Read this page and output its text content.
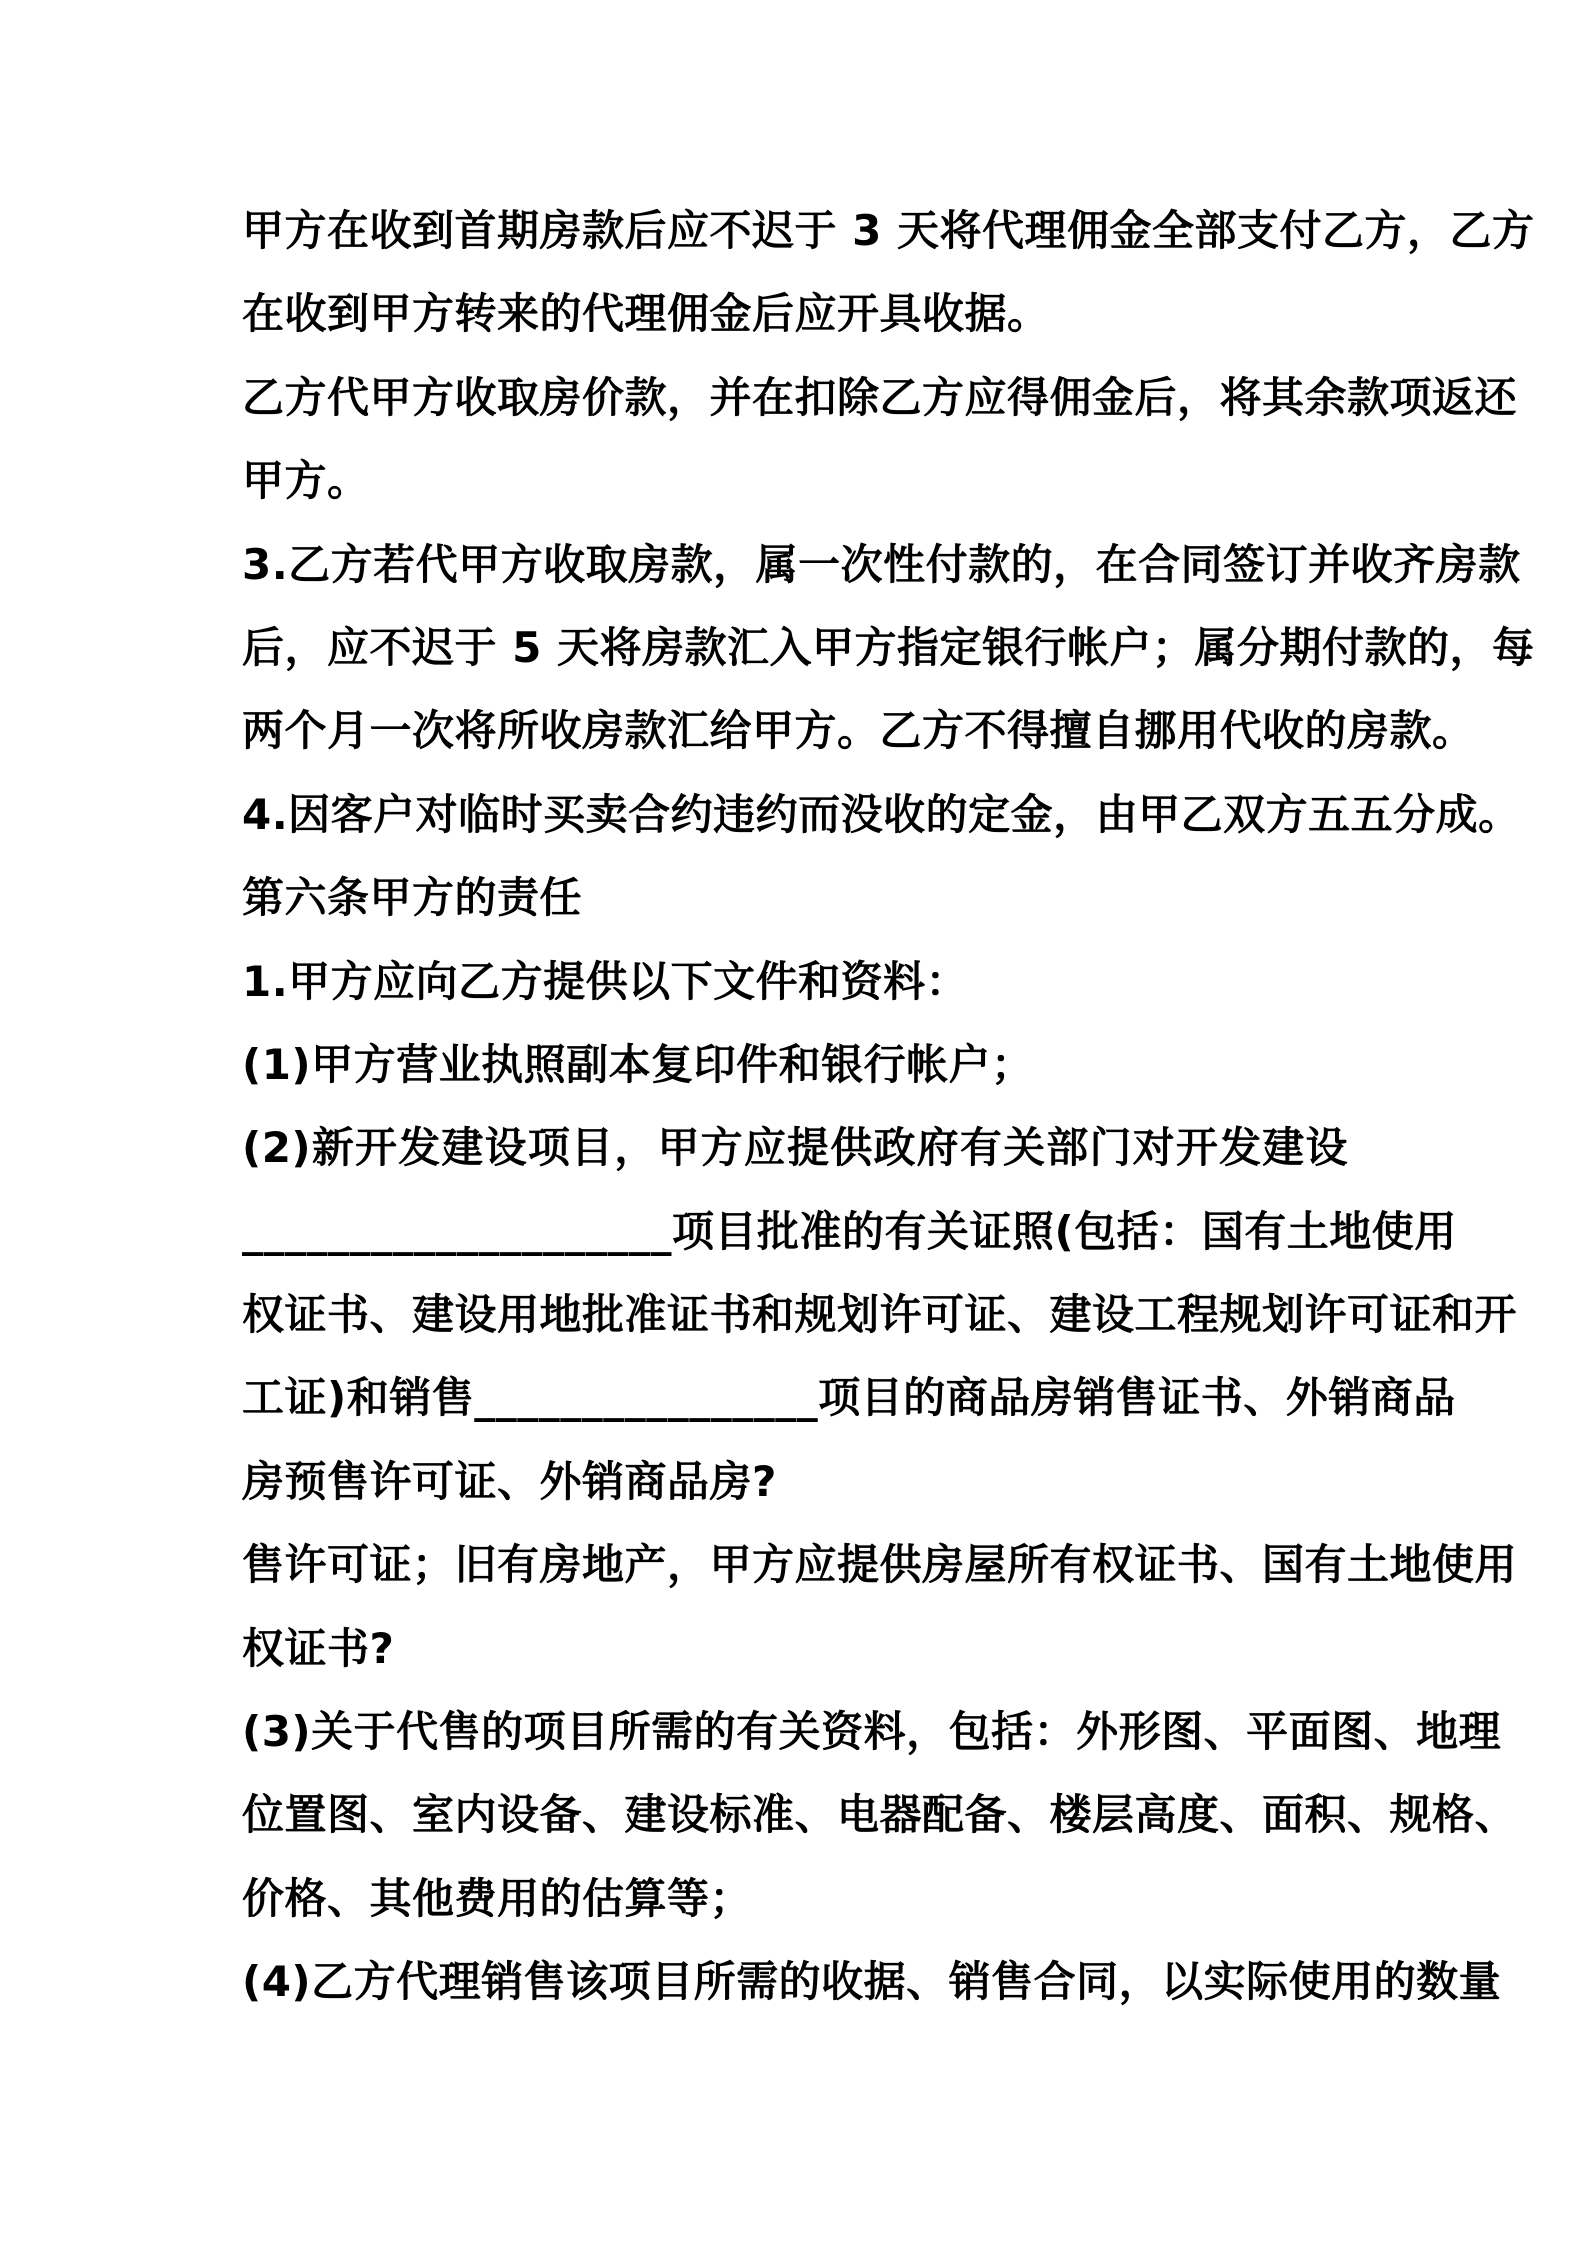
甲方在收到首期房款后应不迟于 3 天将代理佣金全部支付乙方，乙方

在收到甲方转来的代理佣金后应开具收据。

乙方代甲方收取房价款，并在扣除乙方应得佣金后，将其余款项返还

甲方。

3.乙方若代甲方收取房款，属一次性付款的，在合同签订并收齐房款

后，应不迟于 5 天将房款汇入甲方指定银行帐户；属分期付款的，每

两个月一次将所收房款汇给甲方。乙方不得擅自挪用代收的房款。

4.因客户对临时买卖合约违约而没收的定金，由甲乙双方五五分成。

第六条甲方的责任

1.甲方应向乙方提供以下文件和资料：

(1)甲方营业执照副本复印件和银行帐户；

(2)新开发建设项目，甲方应提供政府有关部门对开发建设

____________________项目批准的有关证照(包括：国有土地使用

权证书、建设用地批准证书和规划许可证、建设工程规划许可证和开

工证)和销售________________项目的商品房销售证书、外销商品

房预售许可证、外销商品房?

售许可证；旧有房地产，甲方应提供房屋所有权证书、国有土地使用

权证书?

(3)关于代售的项目所需的有关资料，包括：外形图、平面图、地理

位置图、室内设备、建设标准、电器配备、楼层高度、面积、规格、

价格、其他费用的估算等；

(4)乙方代理销售该项目所需的收据、销售合同，以实际使用的数量
